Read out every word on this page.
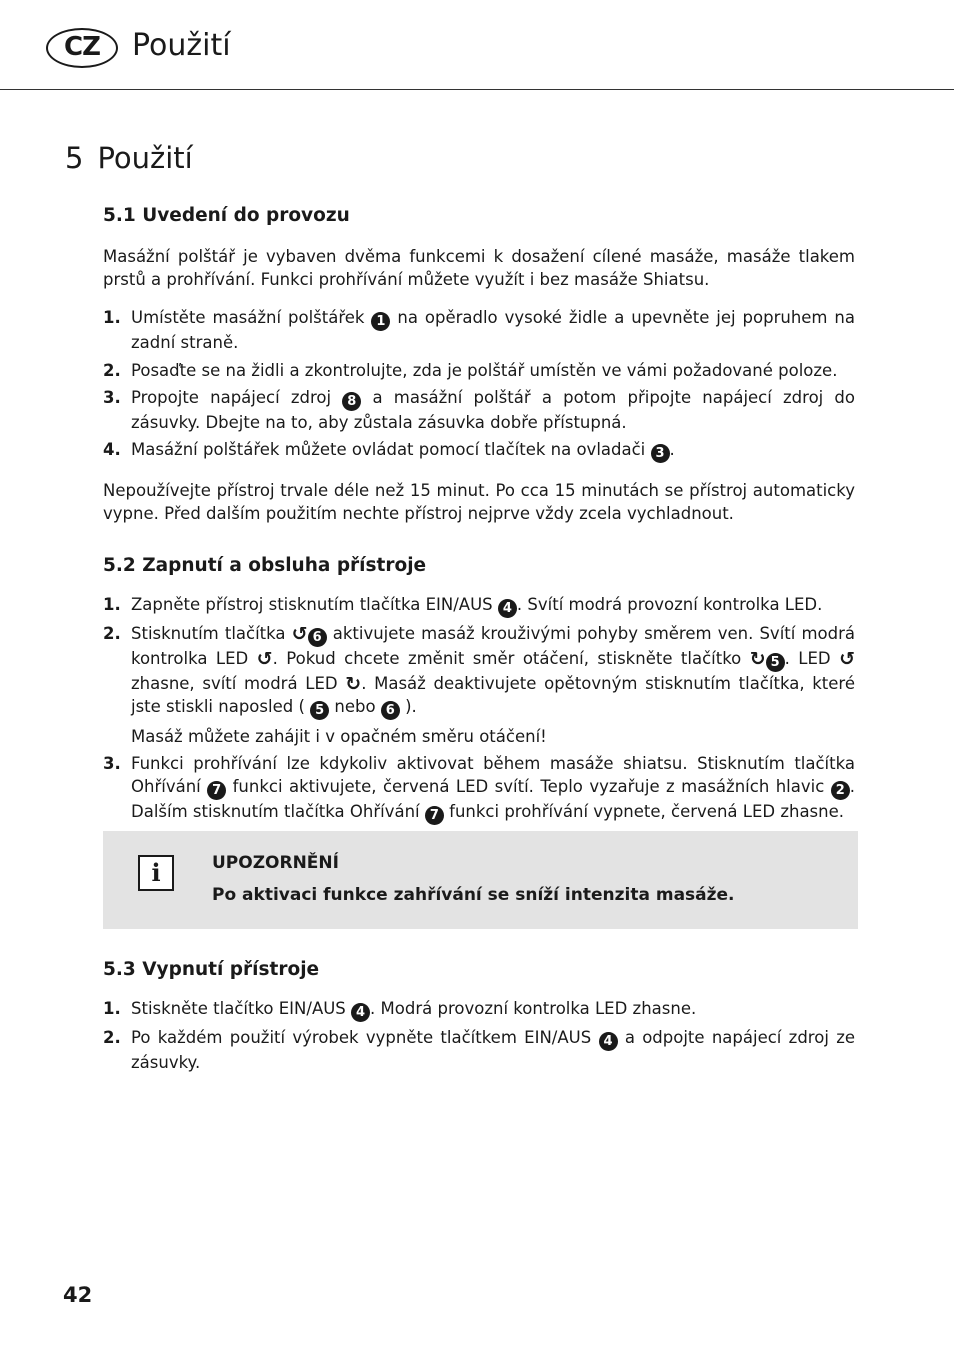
CZ	Použití
5 Použití
5.1 Uvedení do provozu

Masážní polštář je vybaven dvěma funkcemi k dosažení cílené masáže, masáže tlakem prstů a prohřívání. Funkci prohřívání můžete využít i bez masáže Shiatsu.

1. Umístěte masážní polštářek 1 na opěradlo vysoké židle a upevněte jej popruhem na zadní straně.
2. Posaďte se na židli a zkontrolujte, zda je polštář umístěn ve vámi požadované poloze.
3. Propojte napájecí zdroj 8 a masážní polštář a potom připojte napájecí zdroj do zásuvky. Dbejte na to, aby zůstala zásuvka dobře přístupná.
4. Masážní polštářek můžete ovládat pomocí tlačítek na ovladači 3 .

Nepoužívejte přístroj trvale déle než 15 minut. Po cca 15 minutách se přístroj automaticky vypne. Před dalším použitím nechte přístroj nejprve vždy zcela vychladnout.

5.2 Zapnutí a obsluha přístroje
1. Zapněte přístroj stisknutím tlačítka EIN/AUS 4 . Svítí modrá provozní kontrolka LED.
2. Stisknutím tlačítka ↺ 6 aktivujete masáž krouživými pohyby směrem ven. Svítí modrá kontrolka LED ↺. Pokud chcete změnit směr otáčení, stiskněte tlačítko ↻ 5 . LED ↺ zhasne, svítí modrá LED ↻. Masáž deaktivujete opětovným stisknutím tlačítka, které jste stiskli naposled ( 5 nebo 6 ).
Masáž můžete zahájit i v opačném směru otáčení!
3. Funkci prohřívání lze kdykoliv aktivovat během masáže shiatsu. Stisknutím tlačítka Ohřívání 7 funkci aktivujete, červená LED svítí. Teplo vyzařuje z masážních hlavic 2 . Dalším stisknutím tlačítka Ohřívání 7 funkci prohřívání vypnete, červená LED zhasne.
i	UPOZORNĚNÍ
Po aktivaci funkce zahřívání se sníží intenzita masáže.
5.3 Vypnutí přístroje
1. Stiskněte tlačítko EIN/AUS 4 . Modrá provozní kontrolka LED zhasne.
2. Po každém použití výrobek vypněte tlačítkem EIN/AUS 4 a odpojte napájecí zdroj ze zásuvky.
42
